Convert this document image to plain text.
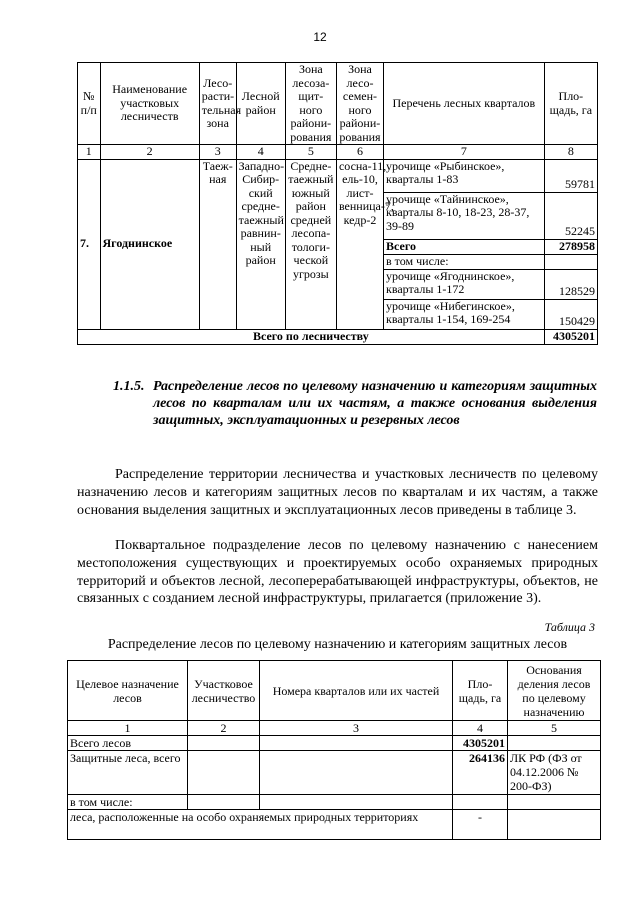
12
№ п/п	Наименование участковых лесничеств	Лесо-расти-тельная зона	Лесной район	Зона лесоза-щит-ного райони-рования	Зона лесо-семен-ного райони-рования	Перечень лесных кварталов	Пло-щадь, га
1	2	3	4	5	6	7	8
7.	Ягоднинское	Таеж-ная	Западно-Сибир-ский средне-таежный равнин-ный район	Средне-таежный южный район средней лесопа-тологи-ческой угрозы	сосна-11, ель-10, лист-венница-7, кедр-2	урочище «Рыбинское», кварталы 1-83	59781
						урочище «Тайнинское», кварталы 8-10, 18-23, 28-37, 39-89	52245
						Всего	278958
						в том числе:	
						урочище «Ягоднинское», кварталы 1-172	128529
						урочище «Нибегинское», кварталы 1-154, 169-254	150429
Всего по лесничеству							4305201
1.1.5. Распределение лесов по целевому назначению и категориям защитных лесов по кварталам или их частям, а также основания выделения защитных, эксплуатационных и резервных лесов

Распределение территории лесничества и участковых лесничеств по целевому назначению лесов и категориям защитных лесов по кварталам и их частям, а также основания выделения защитных и эксплуатационных лесов приведены в таблице 3.

Поквартальное подразделение лесов по целевому назначению с нанесением местоположения существующих и проектируемых особо охраняемых природных территорий и объектов лесной, лесоперерабатывающей инфраструктуры, объектов, не связанных с созданием лесной инфраструктуры, прилагается (приложение 3).

Таблица 3
Распределение лесов по целевому назначению и категориям защитных лесов
Целевое назначение лесов	Участковое лесничество	Номера кварталов или их частей	Пло-щадь, га	Основания деления лесов по целевому назначению
1	2	3	4	5
Всего лесов			4305201	
Защитные леса, всего			264136	ЛК РФ (ФЗ от 04.12.2006 № 200-ФЗ)
в том числе:				
леса, расположенные на особо охраняемых природных территориях			-	
